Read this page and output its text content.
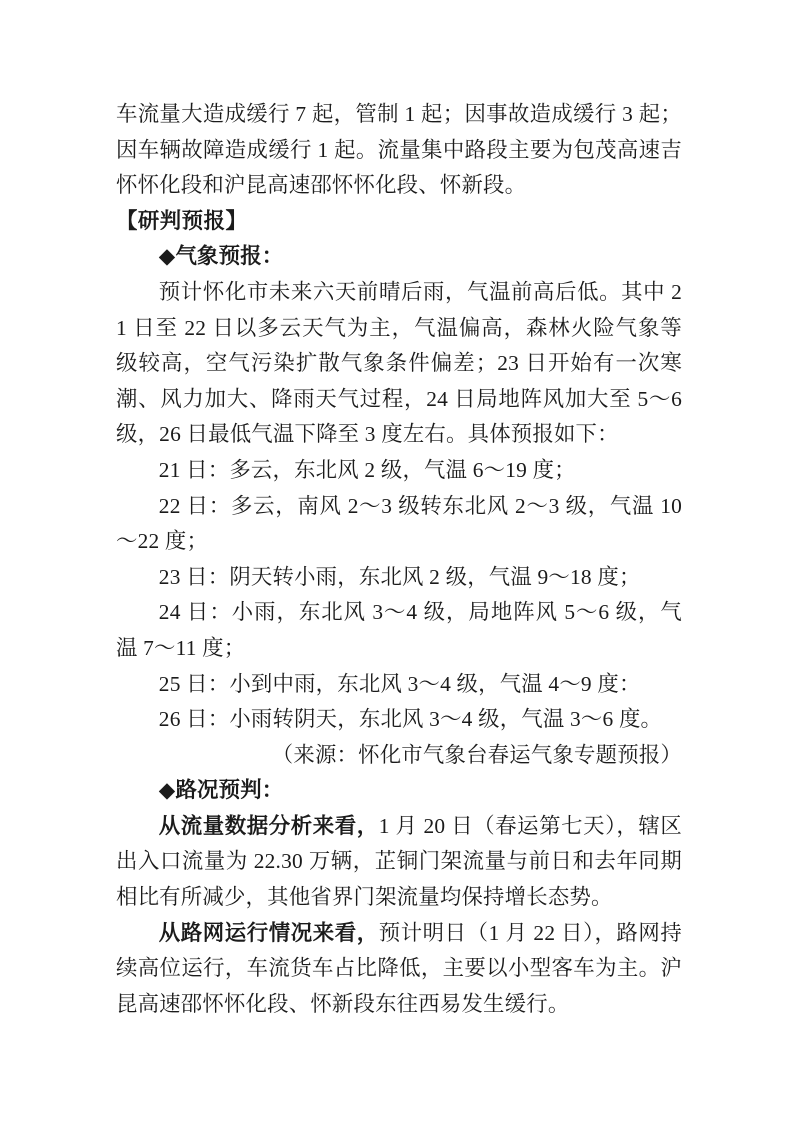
车流量大造成缓行 7 起，管制 1 起；因事故造成缓行 3 起；因车辆故障造成缓行 1 起。流量集中路段主要为包茂高速吉怀怀化段和沪昆高速邵怀怀化段、怀新段。

【研判预报】

◆气象预报：

预计怀化市未来六天前晴后雨，气温前高后低。其中 21 日至 22 日以多云天气为主，气温偏高，森林火险气象等级较高，空气污染扩散气象条件偏差；23 日开始有一次寒潮、风力加大、降雨天气过程，24 日局地阵风加大至 5～6 级，26 日最低气温下降至 3 度左右。具体预报如下：

21 日：多云，东北风 2 级，气温 6～19 度；

22 日：多云，南风 2～3 级转东北风 2～3 级，气温 10～22 度；

23 日：阴天转小雨，东北风 2 级，气温 9～18 度；

24 日：小雨，东北风 3～4 级，局地阵风 5～6 级，气温 7～11 度；

25 日：小到中雨，东北风 3～4 级，气温 4～9 度：

26 日：小雨转阴天，东北风 3～4 级，气温 3～6 度。

（来源：怀化市气象台春运气象专题预报）

◆路况预判：

从流量数据分析来看，1 月 20 日（春运第七天），辖区出入口流量为 22.30 万辆，芷铜门架流量与前日和去年同期相比有所减少，其他省界门架流量均保持增长态势。

从路网运行情况来看，预计明日（1 月 22 日），路网持续高位运行，车流货车占比降低，主要以小型客车为主。沪昆高速邵怀怀化段、怀新段东往西易发生缓行。
